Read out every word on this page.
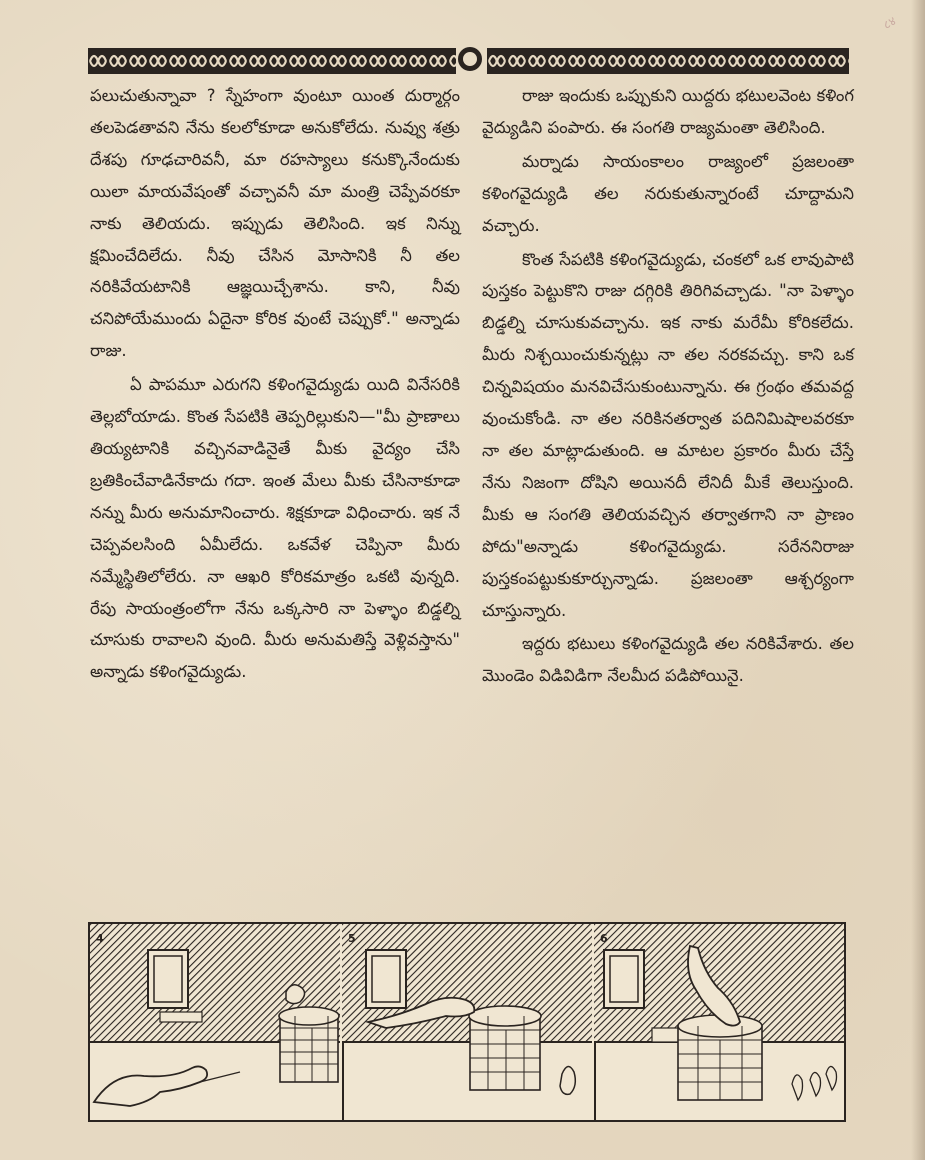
८४

పలుచుతున్నావా ? స్నేహంగా వుంటూ యింత దుర్మార్గం తలపెడతావని నేను కలలోకూడా అనుకోలేదు. నువ్వు శత్రు దేశపు గూఢచారివనీ, మా రహస్యాలు కనుక్కొనేందుకు యిలా మాయవేషంతో వచ్చావనీ మా మంత్రి చెప్పేవరకూ నాకు తెలియదు. ఇప్పుడు తెలిసింది. ఇక నిన్ను క్షమించేదిలేదు. నీవు చేసిన మోసానికి నీ తల నరికివేయటానికి ఆజ్ఞయిచ్చేశాను. కాని, నీవు చనిపోయేముందు ఏదైనా కోరిక వుంటే చెప్పుకో." అన్నాడు రాజు.

ఏ పాపమూ ఎరుగని కళింగవైద్యుడు యిది వినేసరికి తెల్లబోయాడు. కొంత సేపటికి తెప్పరిల్లుకుని—"మీ ప్రాణాలు తియ్యటానికి వచ్చినవాడినైతే మీకు వైద్యం చేసి బ్రతికించేవాడినేకాదు గదా. ఇంత మేలు మీకు చేసినాకూడా నన్ను మీరు అనుమానించారు. శిక్షకూడా విధించారు. ఇక నే చెప్పవలసింది ఏమీలేదు. ఒకవేళ చెప్పినా మీరు నమ్మేస్థితిలోలేరు. నా ఆఖరి కోరికమాత్రం ఒకటి వున్నది. రేపు సాయంత్రంలోగా నేను ఒక్కసారి నా పెళ్ళాం బిడ్డల్ని చూసుకు రావాలని వుంది. మీరు అనుమతిస్తే వెళ్లివస్తాను" అన్నాడు కళింగవైద్యుడు.

రాజు ఇందుకు ఒప్పుకుని యిద్దరు భటులవెంట కళింగ వైద్యుడిని పంపారు. ఈ సంగతి రాజ్యమంతా తెలిసింది.

మర్నాడు సాయంకాలం రాజ్యంలో ప్రజలంతా కళింగవైద్యుడి తల నరుకుతున్నారంటే చూద్దామని వచ్చారు.

కొంత సేపటికి కళింగవైద్యుడు, చంకలో ఒక లావుపాటి పుస్తకం పెట్టుకొని రాజు దగ్గిరికి తిరిగివచ్చాడు. "నా పెళ్ళాం బిడ్డల్ని చూసుకువచ్చాను. ఇక నాకు మరేమీ కోరికలేదు. మీరు నిశ్చయించుకున్నట్లు నా తల నరకవచ్చు. కాని ఒక చిన్నవిషయం మనవిచేసుకుంటున్నాను. ఈ గ్రంథం తమవద్ద వుంచుకోండి. నా తల నరికినతర్వాత పదినిమిషాలవరకూ నా తల మాట్లాడుతుంది. ఆ మాటల ప్రకారం మీరు చేస్తే నేను నిజంగా దోషిని అయినదీ లేనిదీ మీకే తెలుస్తుంది. మీకు ఆ సంగతి తెలియవచ్చిన తర్వాతగాని నా ప్రాణం పోదు"అన్నాడు కళింగవైద్యుడు. సరేననిరాజు పుస్తకంపట్టుకుకూర్చున్నాడు. ప్రజలంతా ఆశ్చర్యంగా చూస్తున్నారు.

ఇద్దరు భటులు కళింగవైద్యుడి తల నరికివేశారు. తల మొండెం విడివిడిగా నేలమీద పడిపోయినై.

4	5	6
